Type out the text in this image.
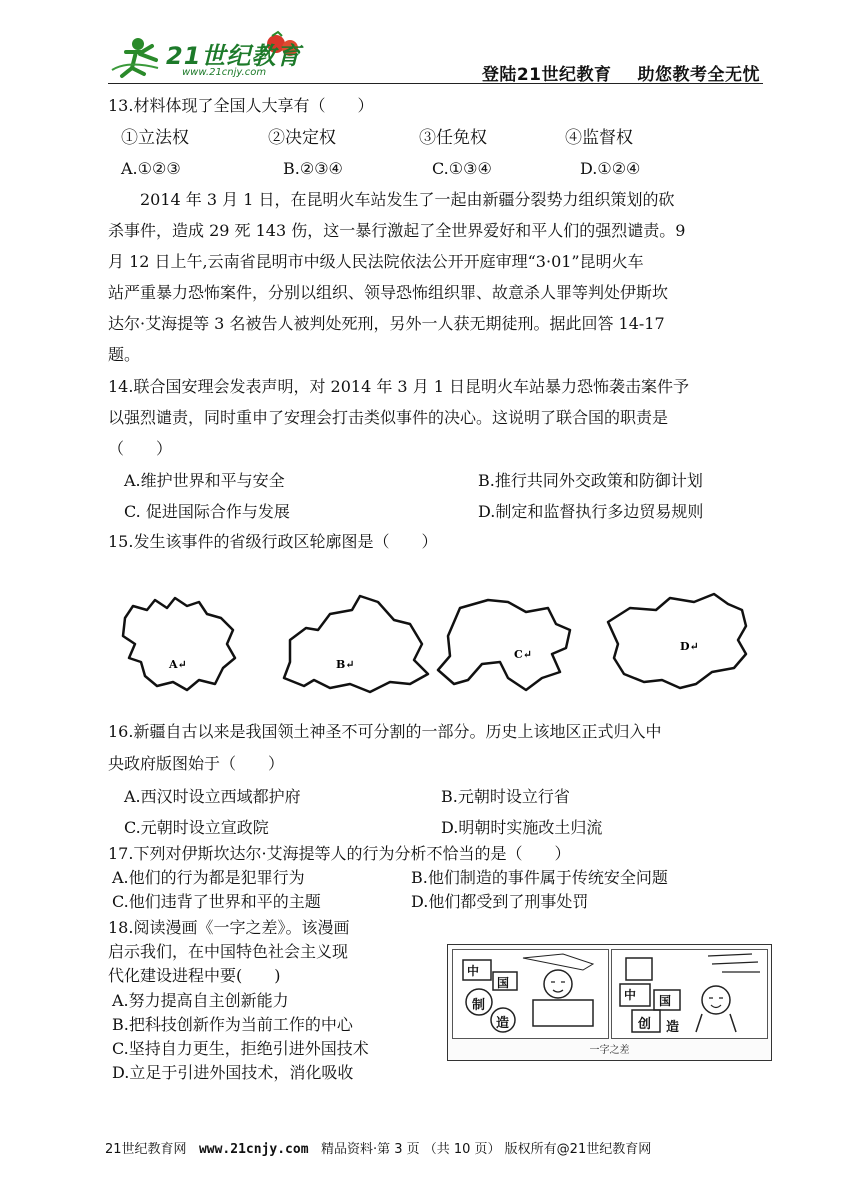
21世纪教育
www.21cnjy.com	登陆21世纪教育 助您教考全无忧
13.材料体现了全国人大享有（　　）
①立法权	②决定权	③任免权	④监督权
A.①②③	B.②③④	C.①③④	D.①②④
2014 年 3 月 1 日，在昆明火车站发生了一起由新疆分裂势力组织策划的砍
杀事件，造成 29 死 143 伤，这一暴行激起了全世界爱好和平人们的强烈谴责。9
月 12 日上午,云南省昆明市中级人民法院依法公开开庭审理“3·01”昆明火车
站严重暴力恐怖案件，分别以组织、领导恐怖组织罪、故意杀人罪等判处伊斯坎
达尔·艾海提等 3 名被告人被判处死刑，另外一人获无期徒刑。据此回答 14-17
题。
14.联合国安理会发表声明，对 2014 年 3 月 1 日昆明火车站暴力恐怖袭击案件予
以强烈谴责，同时重申了安理会打击类似事件的决心。这说明了联合国的职责是
（　　）
A.维护世界和平与安全	B.推行共同外交政策和防御计划
C. 促进国际合作与发展	D.制定和监督执行多边贸易规则
15.发生该事件的省级行政区轮廓图是（　　）
A↵	B↵
C↵
D↵
16.新疆自古以来是我国领土神圣不可分割的一部分。历史上该地区正式归入中
央政府版图始于（　　）
A.西汉时设立西域都护府	B.元朝时设立行省
C.元朝时设立宣政院	D.明朝时实施改土归流
17.下列对伊斯坎达尔·艾海提等人的行为分析不恰当的是（　　）
A.他们的行为都是犯罪行为	B.他们制造的事件属于传统安全问题
C.他们违背了世界和平的主题	D.他们都受到了刑事处罚
18.阅读漫画《一字之差》。该漫画
启示我们，在中国特色社会主义现
代化建设进程中要(　　)
A.努力提高自主创新能力
B.把科技创新作为当前工作的中心
C.坚持自力更生，拒绝引进外国技术
D.立足于引进外国技术，消化吸收
中
国
制
造
中 国
创 造
一字之差
21世纪教育网 www.21cnjy.com 精品资料·第 3 页 （共 10 页） 版权所有@21世纪教育网
